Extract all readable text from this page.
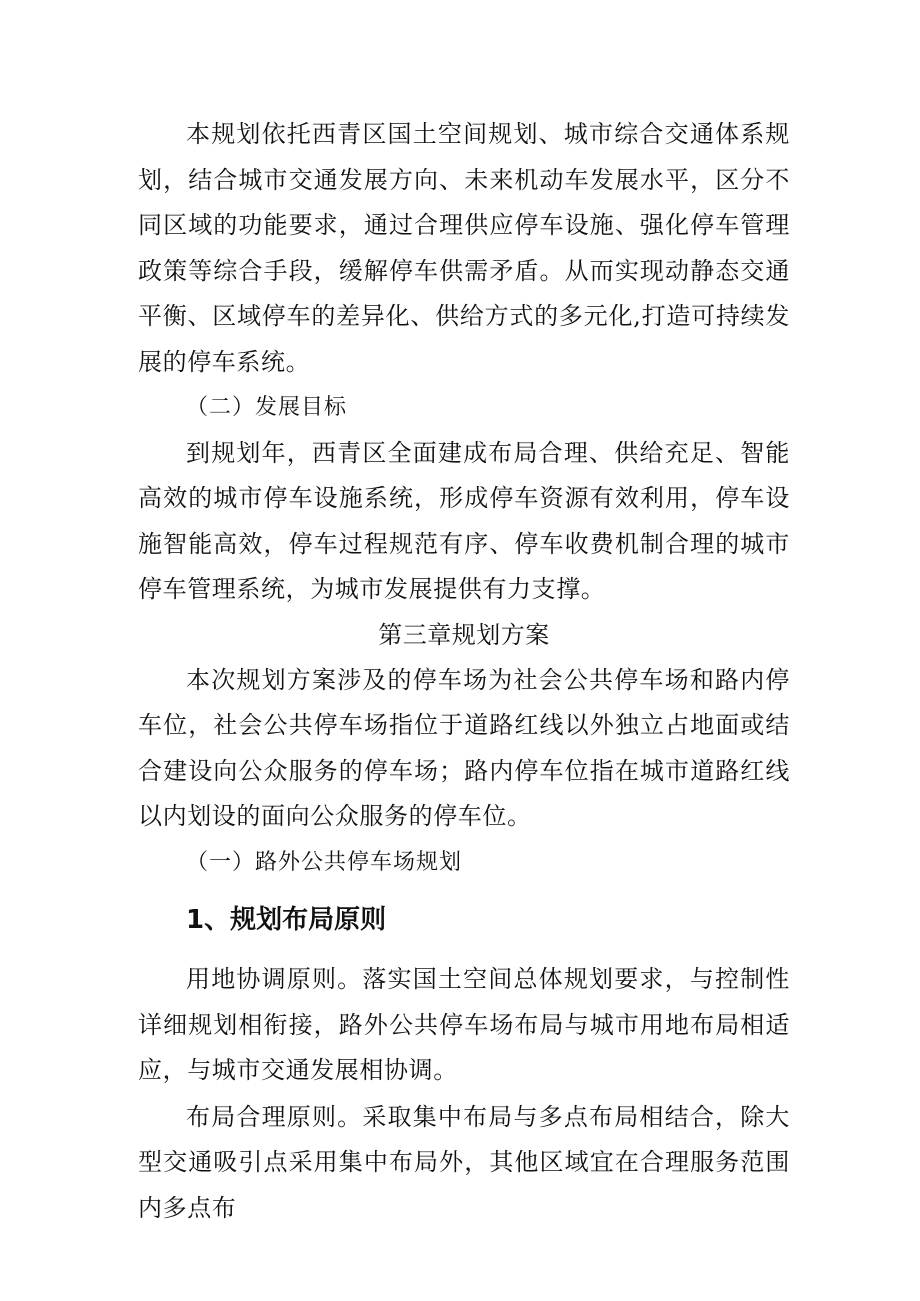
本规划依托西青区国土空间规划、城市综合交通体系规划，结合城市交通发展方向、未来机动车发展水平，区分不同区域的功能要求，通过合理供应停车设施、强化停车管理政策等综合手段，缓解停车供需矛盾。从而实现动静态交通平衡、区域停车的差异化、供给方式的多元化,打造可持续发展的停车系统。

（二）发展目标

到规划年，西青区全面建成布局合理、供给充足、智能高效的城市停车设施系统，形成停车资源有效利用，停车设施智能高效，停车过程规范有序、停车收费机制合理的城市停车管理系统，为城市发展提供有力支撑。

第三章规划方案

本次规划方案涉及的停车场为社会公共停车场和路内停车位，社会公共停车场指位于道路红线以外独立占地面或结合建设向公众服务的停车场；路内停车位指在城市道路红线以内划设的面向公众服务的停车位。

（一）路外公共停车场规划

1、规划布局原则

用地协调原则。落实国土空间总体规划要求，与控制性详细规划相衔接，路外公共停车场布局与城市用地布局相适应，与城市交通发展相协调。

布局合理原则。采取集中布局与多点布局相结合，除大型交通吸引点采用集中布局外，其他区域宜在合理服务范围内多点布
